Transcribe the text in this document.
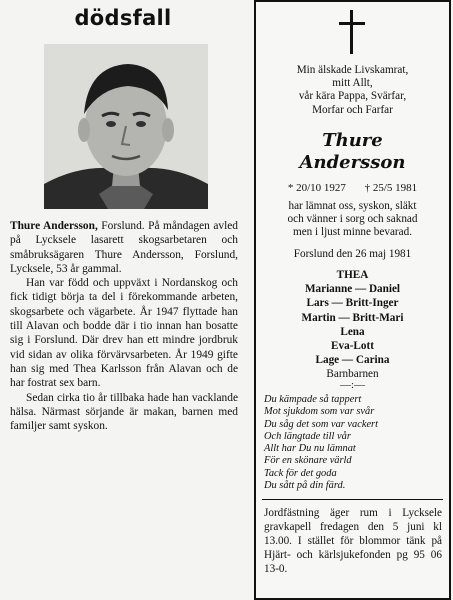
dödsfall

Thure Andersson, Forslund. På måndagen avled på Lycksele lasarett skogsarbetaren och småbruksägaren Thure Andersson, Forslund, Lycksele, 53 år gammal.

Han var född och uppväxt i Nordanskog och fick tidigt börja ta del i förekommande arbeten, skogsarbete och vägarbete. År 1947 flyttade han till Alavan och bodde där i tio innan han bosatte sig i Forslund. Där drev han ett mindre jordbruk vid sidan av olika förvärvsarbeten. År 1949 gifte han sig med Thea Karlsson från Alavan och de har fostrat sex barn.

Sedan cirka tio år tillbaka hade han vacklande hälsa. Närmast sörjande är makan, barnen med familjer samt syskon.

Min älskade Livskamrat,
mitt Allt,
vår kära Pappa, Svärfar,
Morfar och Farfar
Thure
Andersson
* 20/10 1927 † 25/5 1981
har lämnat oss, syskon, släkt
och vänner i sorg och saknad
men i ljust minne bevarad.
Forslund den 26 maj 1981
THEA
Marianne — Daniel
Lars — Britt-Inger
Martin — Britt-Mari
Lena
Eva-Lott
Lage — Carina
Barnbarnen
—:—
Du kämpade så tappert
Mot sjukdom som var svår
Du såg det som var vackert
Och längtade till vår
Allt har Du nu lämnat
För en skönare värld
Tack för det goda
Du sått på din färd.
Jordfästning äger rum i Lycksele gravkapell fredagen den 5 juni kl 13.00. I stället för blommor tänk på Hjärt- och kärlsjukefonden pg 95 06 13-0.
